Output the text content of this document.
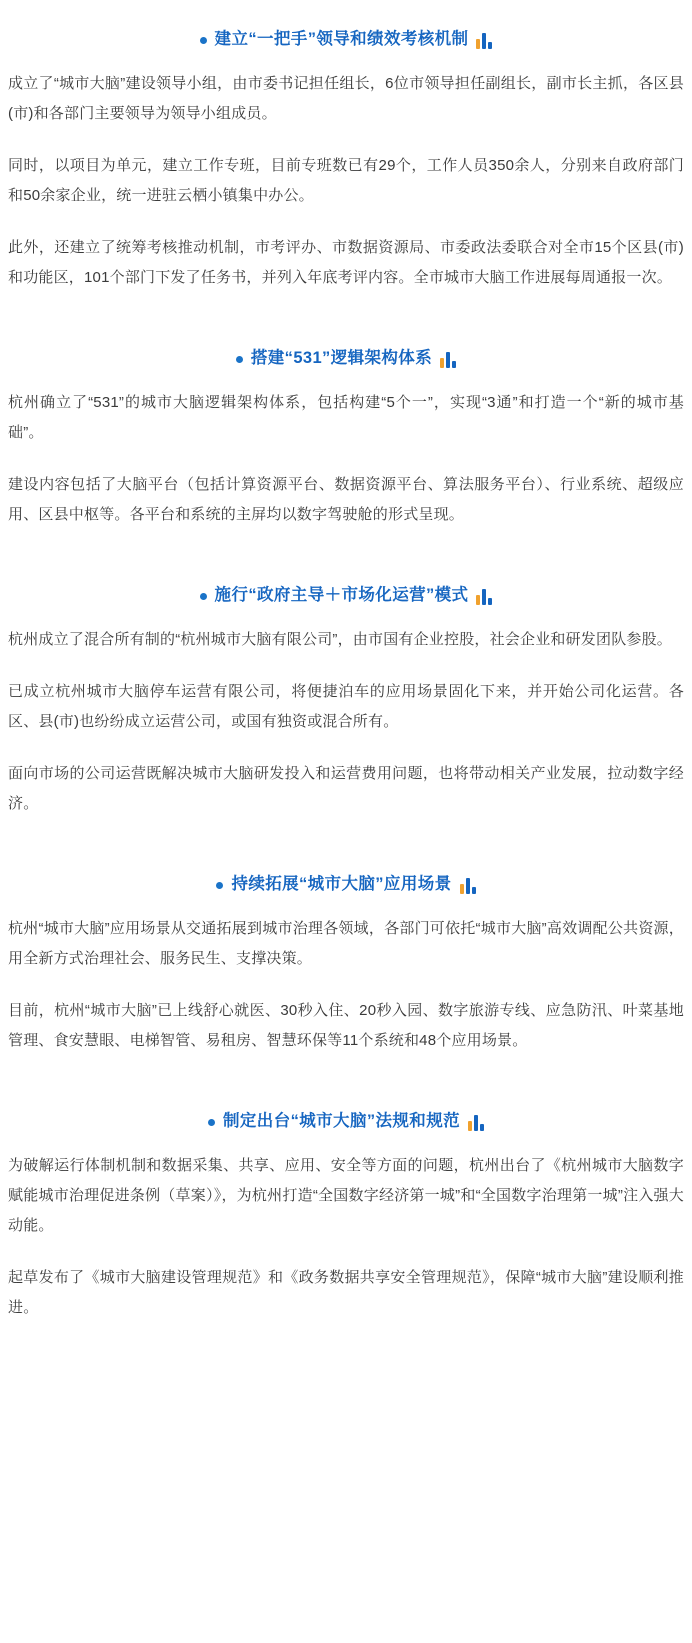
建立“一把手”领导和绩效考核机制

成立了“城市大脑”建设领导小组，由市委书记担任组长，6位市领导担任副组长，副市长主抓，各区县(市)和各部门主要领导为领导小组成员。

同时，以项目为单元，建立工作专班，目前专班数已有29个，工作人员350余人，分别来自政府部门和50余家企业，统一进驻云栖小镇集中办公。

此外，还建立了统筹考核推动机制，市考评办、市数据资源局、市委政法委联合对全市15个区县(市)和功能区，101个部门下发了任务书，并列入年底考评内容。全市城市大脑工作进展每周通报一次。

搭建“531”逻辑架构体系

杭州确立了“531”的城市大脑逻辑架构体系，包括构建“5个一”，实现“3通”和打造一个“新的城市基础”。

建设内容包括了大脑平台（包括计算资源平台、数据资源平台、算法服务平台）、行业系统、超级应用、区县中枢等。各平台和系统的主屏均以数字驾驶舱的形式呈现。

施行“政府主导＋市场化运营”模式

杭州成立了混合所有制的“杭州城市大脑有限公司”，由市国有企业控股，社会企业和研发团队参股。

已成立杭州城市大脑停车运营有限公司，将便捷泊车的应用场景固化下来，并开始公司化运营。各区、县(市)也纷纷成立运营公司，或国有独资或混合所有。

面向市场的公司运营既解决城市大脑研发投入和运营费用问题，也将带动相关产业发展，拉动数字经济。

持续拓展“城市大脑”应用场景

杭州“城市大脑”应用场景从交通拓展到城市治理各领域，各部门可依托“城市大脑”高效调配公共资源，用全新方式治理社会、服务民生、支撑决策。

目前，杭州“城市大脑”已上线舒心就医、30秒入住、20秒入园、数字旅游专线、应急防汛、叶菜基地管理、食安慧眼、电梯智管、易租房、智慧环保等11个系统和48个应用场景。

制定出台“城市大脑”法规和规范

为破解运行体制机制和数据采集、共享、应用、安全等方面的问题，杭州出台了《杭州城市大脑数字赋能城市治理促进条例（草案）》，为杭州打造“全国数字经济第一城”和“全国数字治理第一城”注入强大动能。

起草发布了《城市大脑建设管理规范》和《政务数据共享安全管理规范》，保障“城市大脑”建设顺利推进。
